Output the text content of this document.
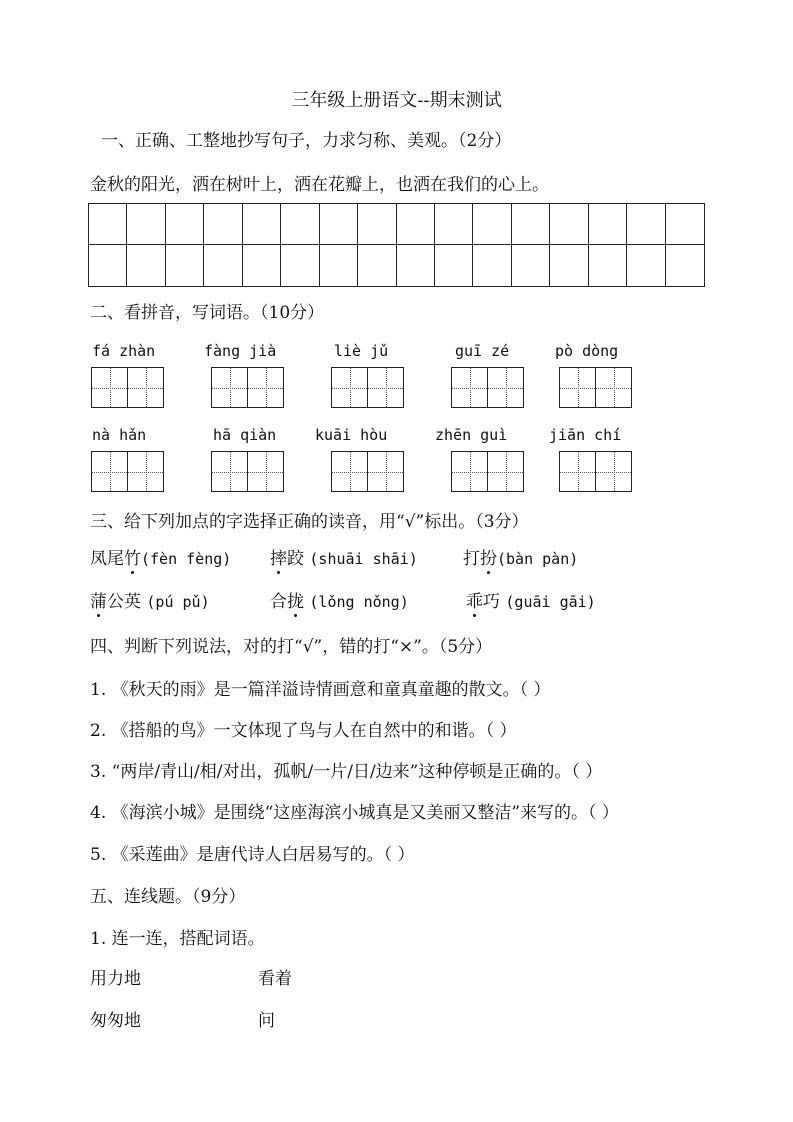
三年级上册语文--期末测试
一、正确、工整地抄写句子，力求匀称、美观。（2分）
金秋的阳光，洒在树叶上，洒在花瓣上，也洒在我们的心上。
二、看拼音，写词语。（10分）
fá zhàn	fàng jià	liè jǔ	guī zé	pò dòng
nà hǎn	hā qiàn	kuāi hòu	zhēn guì	jiān chí
三、给下列加点的字选择正确的读音，用“√”标出。（3分）
凤尾竹(fèn fèng) 摔跤 (shuāi shāi)	打扮(bàn pàn)
蒲公英 (pú pǔ)	合拢 (lǒng nǒng)	乖巧 (guāi gāi)
四、判断下列说法，对的打“√”，错的打“×”。（5分）
1. 《秋天的雨》是一篇洋溢诗情画意和童真童趣的散文。（ ）
2. 《搭船的鸟》一文体现了鸟与人在自然中的和谐。（ ）
3. “两岸/青山/相/对出，孤帆/一片/日/边来”这种停顿是正确的。（ ）
4. 《海滨小城》是围绕“这座海滨小城真是又美丽又整洁”来写的。（ ）
5. 《采莲曲》是唐代诗人白居易写的。（ ）
五、连线题。（9分）
1. 连一连，搭配词语。
用力地	看着
匆匆地	问
